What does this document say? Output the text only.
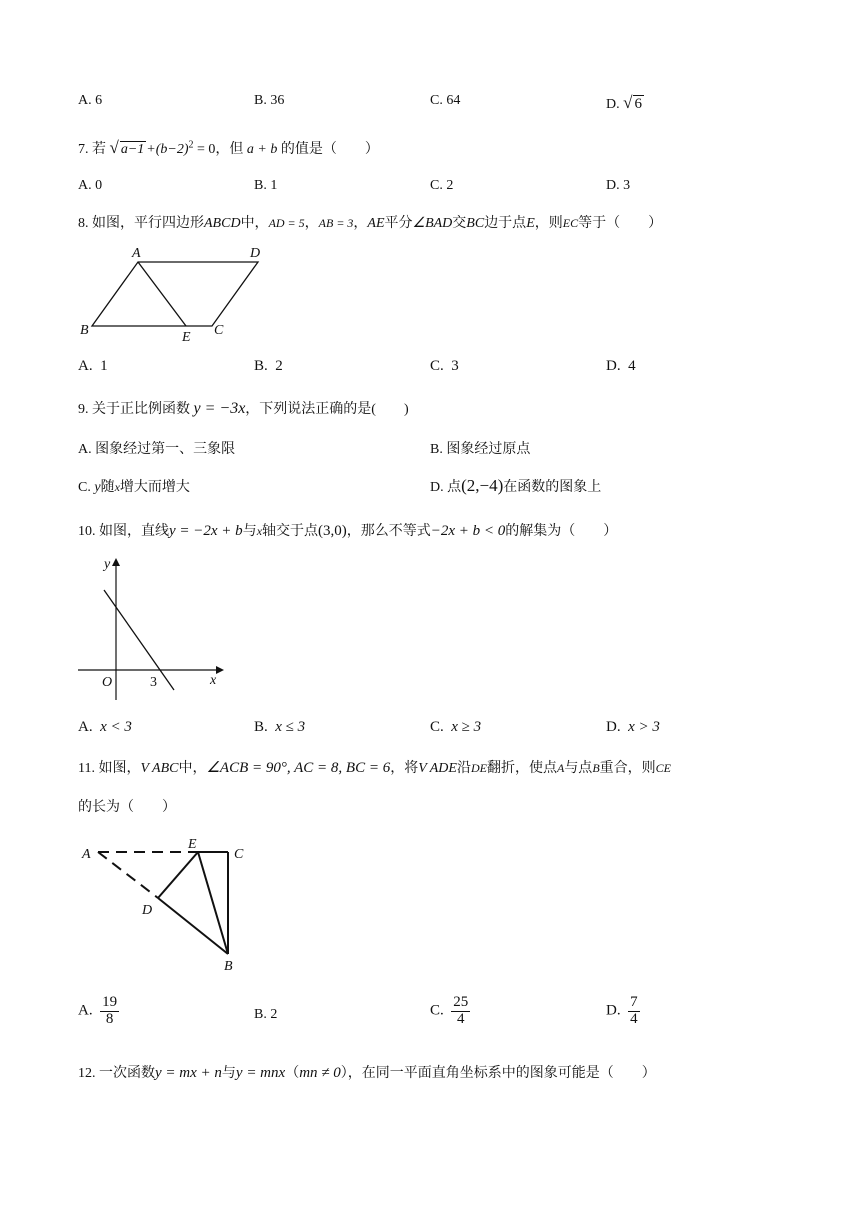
A. 6	B. 36	C. 64	D. √ 6
7. 若 √ $a-1 +(b-2)^2 = 0$，但 a + b 的值是（　　）
A. 0	B. 1	C. 2	D. 3
8. 如图，平行四边形ABCD中，AD = 5，AB = 3，AE平分∠BAD交BC边于点E，则EC等于（　　）
A	D
B	E C
A. 1	B. 2	C. 3	D. 4
9. 关于正比例函数 y = −3x，下列说法正确的是(　　)
A. 图象经过第一、三象限	B. 图象经过原点
C. y随x增大而增大	D. 点(2,−4)在函数的图象上
10. 如图，直线y = −2x + b与x轴交于点(3,0)，那么不等式−2x + b < 0的解集为（　　）
y
x
O	3
A. x < 3	B. x ≤ 3	C. x ≥ 3	D. x > 3
11. 如图，V ABC中，∠ACB = 90°, AC = 8, BC = 6，将V ADE沿DE翻折，使点A与点B重合，则CE
的长为（　　）
A
E
C
D
B
A. $\frac{19}{8}$	B. 2	C. $\frac{25}{4}$	D. $\frac{7}{4}$
12. 一次函数y = mx + n与y = mnx（mn ≠ 0），在同一平面直角坐标系中的图象可能是（　　）
